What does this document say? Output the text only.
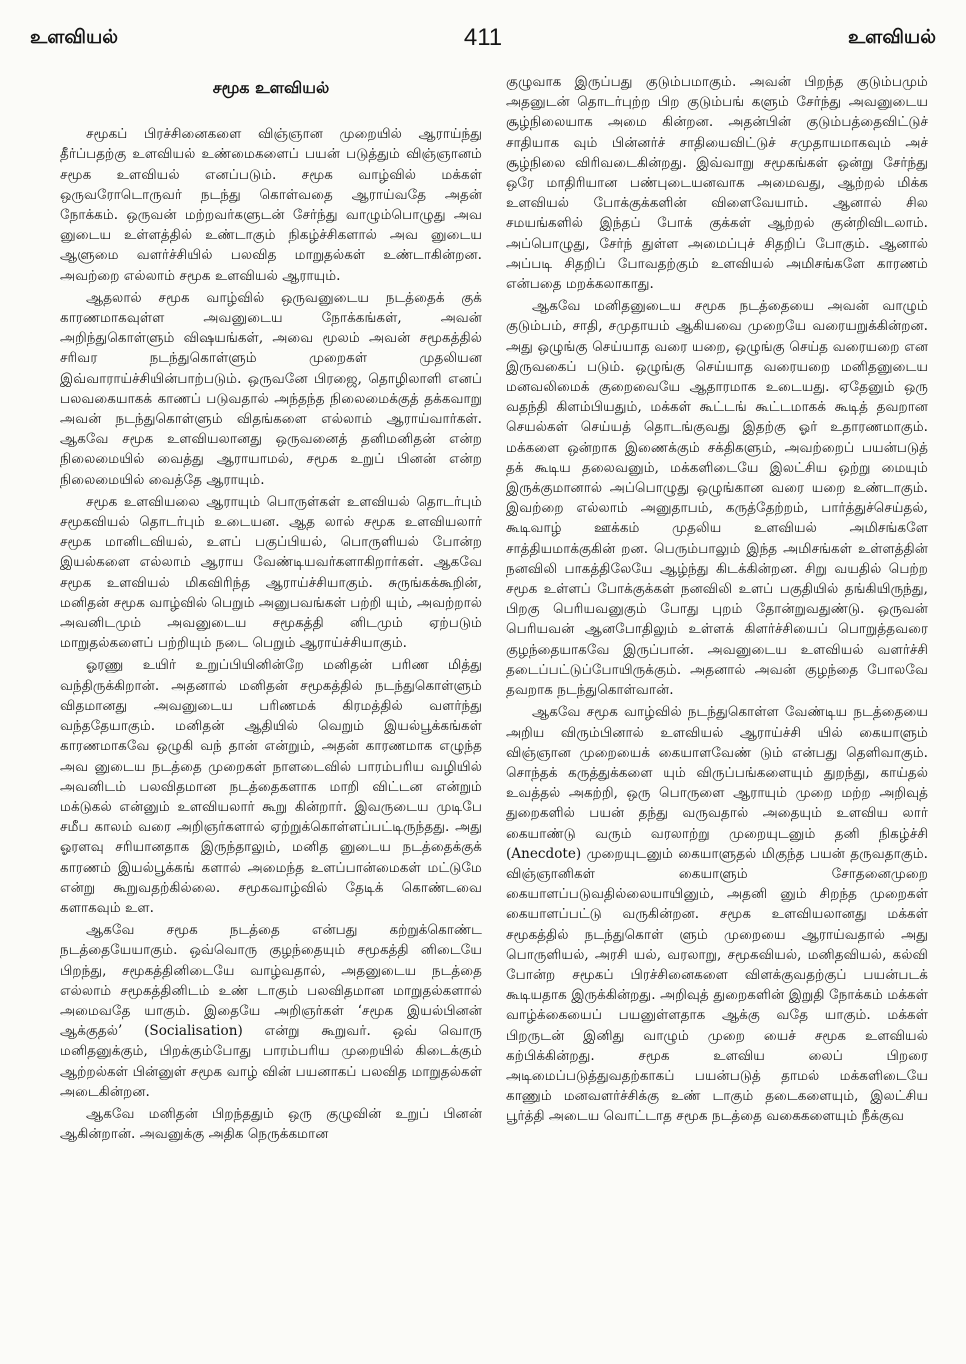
உளவியல்	411	உளவியல்
சமூக உளவியல்

சமூகப் பிரச்சினைகளை விஞ்ஞான முறையில் ஆராய்ந்து தீர்ப்பதற்கு உளவியல் உண்மைகளைப் பயன் படுத்தும் விஞ்ஞானம் சமூக உளவியல் எனப்படும். சமூக வாழ்வில் மக்கள் ஒருவரோடொருவர் நடந்து கொள்வதை ஆராய்வதே அதன் நோக்கம். ஒருவன் மற்றவர்களுடன் சேர்ந்து வாழும்பொழுது அவ னுடைய உள்ளத்தில் உண்டாகும் நிகழ்ச்சிகளால் அவ னுடைய ஆளுமை வளர்ச்சியில் பலவித மாறுதல்கள் உண்டாகின்றன. அவற்றை எல்லாம் சமூக உளவியல் ஆராயும்.

ஆதலால் சமூக வாழ்வில் ஒருவனுடைய நடத்தைக் குக் காரணமாகவுள்ள அவனுடைய நோக்கங்கள், அவன் அறிந்துகொள்ளும் விஷயங்கள், அவை மூலம் அவன் சமூகத்தில் சரிவர நடந்துகொள்ளும் முறைகள் முதலியன இவ்வாராய்ச்சியின்பாற்படும். ஒருவனே பிரஜை, தொழிலாளி எனப் பலவகையாகக் காணப் படுவதால் அந்தந்த நிலைமைக்குத் தக்கவாறு அவன் நடந்துகொள்ளும் விதங்களை எல்லாம் ஆராய்வார்கள். ஆகவே சமூக உளவியலானது ஒருவனைத் தனிமனிதன் என்ற நிலைமையில் வைத்து ஆராயாமல், சமூக உறுப் பினன் என்ற நிலைமையில் வைத்தே ஆராயும்.

சமூக உளவியலை ஆராயும் பொருள்கள் உளவியல் தொடர்பும் சமூகவியல் தொடர்பும் உடையன. ஆத லால் சமூக உளவியலார் சமூக மானிடவியல், உளப் பகுப்பியல், பொருளியல் போன்ற இயல்களை எல்லாம் ஆராய வேண்டியவர்களாகிறார்கள். ஆகவே சமூக உளவியல் மிகவிரிந்த ஆராய்ச்சியாகும். சுருங்கக்கூறின், மனிதன் சமூக வாழ்வில் பெறும் அனுபவங்கள் பற்றி யும், அவற்றால் அவனிடமும் அவனுடைய சமூகத்தி னிடமும் ஏற்படும் மாறுதல்களைப் பற்றியும் நடை பெறும் ஆராய்ச்சியாகும்.

ஓரணு உயிர் உறுப்பியினின்றே மனிதன் பரிண மித்து வந்திருக்கிறான். அதனால் மனிதன் சமூகத்தில் நடந்துகொள்ளும் விதமானது அவனுடைய பரிணமக் கிரமத்தில் வளர்ந்து வந்ததேயாகும். மனிதன் ஆதியில் வெறும் இயல்பூக்கங்கள் காரணமாகவே ஒழுகி வந் தான் என்றும், அதன் காரணமாக எழுந்த அவ னுடைய நடத்தை முறைகள் நாளடைவில் பாரம்பரிய வழியில் அவனிடம் பலவிதமான நடத்தைகளாக மாறி விட்டன என்றும் மக்டுகல் என்னும் உளவியலார் கூறு கின்றார். இவருடைய முடிபே சமீப காலம் வரை அறிஞர்களால் ஏற்றுக்கொள்ளப்பட்டிருந்தது. அது ஓரளவு சரியானதாக இருந்தாலும், மனித னுடைய நடத்தைக்குக் காரணம் இயல்பூக்கங் களால் அமைந்த உளப்பான்மைகள் மட்டுமே என்று கூறுவதற்கில்லை. சமூகவாழ்வில் தேடிக் கொண்டவை களாகவும் உள.

ஆகவே சமூக நடத்தை என்பது கற்றுக்கொண்ட நடத்தையேயாகும். ஒவ்வொரு குழந்தையும் சமூகத்தி னிடையே பிறந்து, சமூகத்தினிடையே வாழ்வதால், அதனுடைய நடத்தை எல்லாம் சமூகத்தினிடம் உண் டாகும் பலவிதமான மாறுதல்களால் அமைவதே யாகும். இதையே அறிஞர்கள் ‘சமூக இயல்பினன் ஆக்குதல்’ (Socialisation) என்று கூறுவர். ஒவ் வொரு மனிதனுக்கும், பிறக்கும்போது பாரம்பரிய முறையில் கிடைக்கும் ஆற்றல்கள் பின்னுள் சமூக வாழ் வின் பயனாகப் பலவித மாறுதல்கள் அடைகின்றன.

ஆகவே மனிதன் பிறந்ததும் ஒரு குழுவின் உறுப் பினன் ஆகின்றான். அவனுக்கு அதிக நெருக்கமான

குழுவாக இருப்பது குடும்பமாகும். அவன் பிறந்த குடும்பமும் அதனுடன் தொடர்புற்ற பிற குடும்பங் களும் சேர்ந்து அவனுடைய சூழ்நிலையாக அமை கின்றன. அதன்பின் குடும்பத்தைவிட்டுச் சாதியாக வும் பின்னர்ச் சாதியைவிட்டுச் சமுதாயமாகவும் அச் சூழ்நிலை விரிவடைகின்றது. இவ்வாறு சமூகங்கள் ஒன்று சேர்ந்து ஒரே மாதிரியான பண்புடையனவாக அமைவது, ஆற்றல் மிக்க உளவியல் போக்குக்களின் விளைவேயாம். ஆனால் சில சமயங்களில் இந்தப் போக் குக்கள் ஆற்றல் குன்றிவிடலாம். அப்பொழுது, சேர்ந் துள்ள அமைப்புச் சிதறிப் போகும். ஆனால் அப்படி சிதறிப் போவதற்கும் உளவியல் அமிசங்களே காரணம் என்பதை மறக்கலாகாது.

ஆகவே மனிதனுடைய சமூக நடத்தையை அவன் வாழும் குடும்பம், சாதி, சமுதாயம் ஆகியவை முறையே வரையறுக்கின்றன. அது ஒழுங்கு செய்யாத வரை யறை, ஒழுங்கு செய்த வரையறை என இருவகைப் படும். ஒழுங்கு செய்யாத வரையறை மனிதனுடைய மனவலிமைக் குறைவையே ஆதாரமாக உடையது. ஏதேனும் ஒரு வதந்தி கிளம்பியதும், மக்கள் கூட்டங் கூட்டமாகக் கூடித் தவறான செயல்கள் செய்யத் தொடங்குவது இதற்கு ஓர் உதாரணமாகும். மக்களை ஒன்றாக இணைக்கும் சக்திகளும், அவற்றைப் பயன்படுத் தக் கூடிய தலைவனும், மக்களிடையே இலட்சிய ஒற்று மையும் இருக்குமானால் அப்பொழுது ஒழுங்கான வரை யறை உண்டாகும். இவற்றை எல்லாம் அனுதாபம், கருத்தேற்றம், பார்த்துச்செய்தல், கூடிவாழ் ஊக்கம் முதலிய உளவியல் அமிசங்களே சாத்தியமாக்குகின் றன. பெரும்பாலும் இந்த அமிசங்கள் உள்ளத்தின் நனவிலி பாகத்திலேயே ஆழ்ந்து கிடக்கின்றன. சிறு வயதில் பெற்ற சமூக உள்ளப் போக்குக்கள் நனவிலி உளப் பகுதியில் தங்கியிருந்து, பிறகு பெரியவனுகும் போது புறம் தோன்றுவதுண்டு. ஒருவன் பெரியவன் ஆனபோதிலும் உள்ளக் கிளர்ச்சியைப் பொறுத்தவரை குழந்தையாகவே இருப்பான். அவனுடைய உளவியல் வளர்ச்சி தடைப்பட்டுப்போயிருக்கும். அதனால் அவன் குழந்தை போலவே தவறாக நடந்துகொள்வான்.

ஆகவே சமூக வாழ்வில் நடந்துகொள்ள வேண்டிய நடத்தையை அறிய விரும்பினால் உளவியல் ஆராய்ச்சி யில் கையாளும் விஞ்ஞான முறையைக் கையாளவேண் டும் என்பது தெளிவாகும். சொந்தக் கருத்துக்களை யும் விருப்பங்களையும் துறந்து, காய்தல் உவத்தல் அகற்றி, ஒரு பொருளை ஆராயும் முறை மற்ற அறிவுத் துறைகளில் பயன் தந்து வருவதால் அதையும் உளவிய லார் கையாண்டு வரும் வரலாற்று முறையுடனும் தனி நிகழ்ச்சி (Anecdote) முறையுடனும் கையாளுதல் மிகுந்த பயன் தருவதாகும். விஞ்ஞானிகள் கையாளும் சோதனைமுறை கையாளப்படுவதில்லையாயினும், அதனி னும் சிறந்த முறைகள் கையாளப்பட்டு வருகின்றன. சமூக உளவியலானது மக்கள் சமூகத்தில் நடந்துகொள் ளும் முறையை ஆராய்வதால் அது பொருளியல், அரசி யல், வரலாறு, சமூகவியல், மனிதவியல், கல்வி போன்ற சமூகப் பிரச்சினைகளை விளக்குவதற்குப் பயன்படக் கூடியதாக இருக்கின்றது. அறிவுத் துறைகளின் இறுதி நோக்கம் மக்கள் வாழ்க்கையைப் பயனுள்ளதாக ஆக்கு வதே யாகும். மக்கள் பிறருடன் இனிது வாழும் முறை யைச் சமூக உளவியல் கற்பிக்கின்றது. சமூக உளவிய லைப் பிறரை அடிமைப்படுத்துவதற்காகப் பயன்படுத் தாமல் மக்களிடையே காணும் மனவளர்ச்சிக்கு உண் டாகும் தடைகளையும், இலட்சிய பூர்த்தி அடைய வொட்டாத சமூக நடத்தை வகைகளையும் நீக்குவ
